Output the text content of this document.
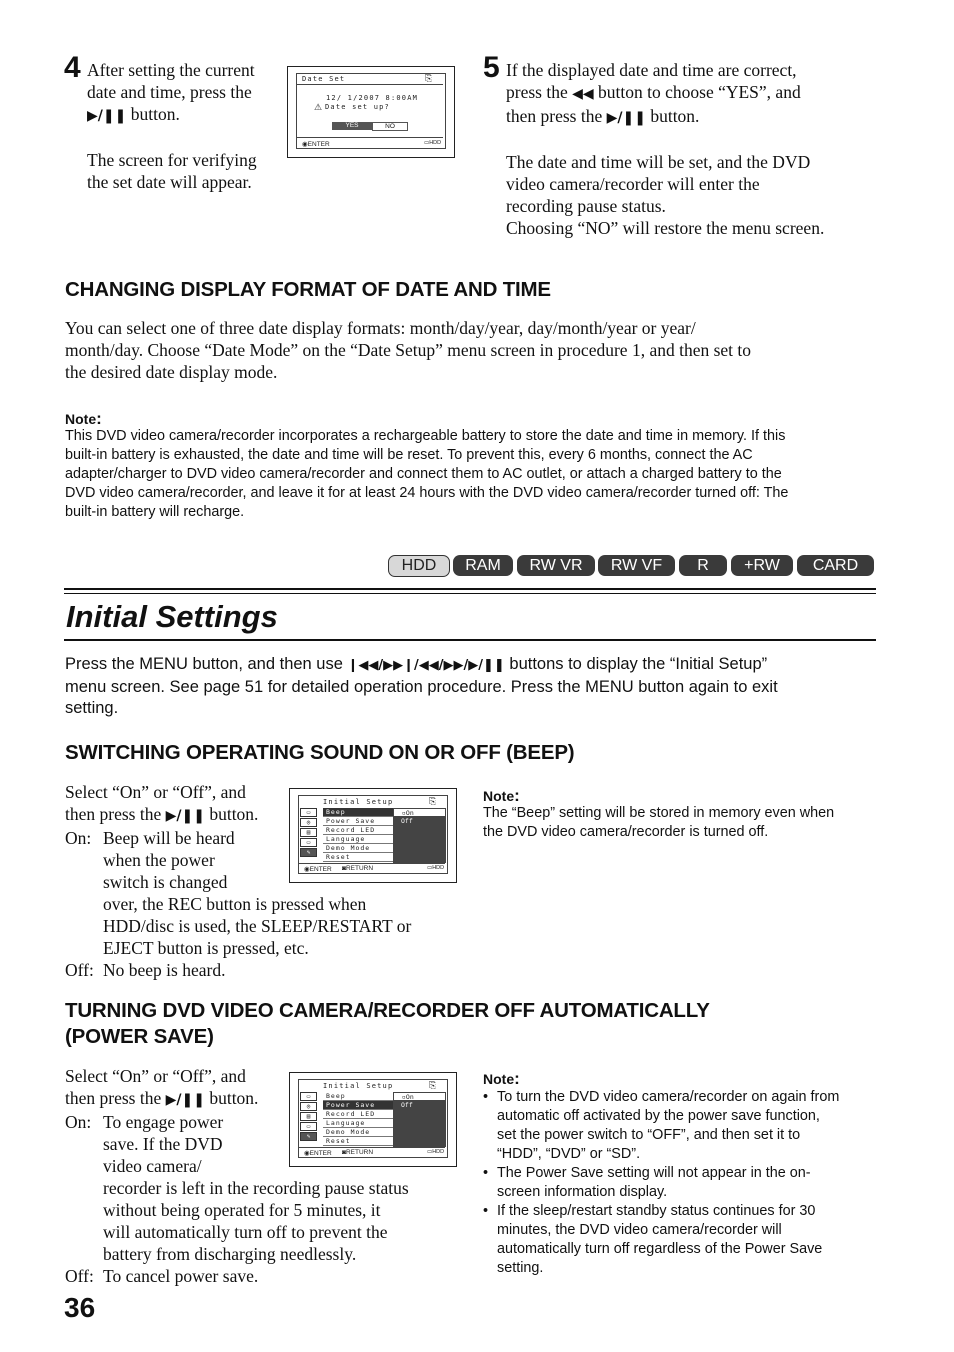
4 After setting the current
date and time, press the
▶/❚❚ button.
The screen for verifying
the set date will appear.
Date Set	⎘
12/ 1/2007 8:00AM
⚠ Date set up?
YES	NO
◉ENTER	▭HDD
5 If the displayed date and time are correct,
press the ◀◀ button to choose “YES”, and
then press the ▶/❚❚ button.
The date and time will be set, and the DVD
video camera/recorder will enter the
recording pause status.
Choosing “NO” will restore the menu screen.
CHANGING DISPLAY FORMAT OF DATE AND TIME
You can select one of three date display formats: month/day/year, day/month/year or year/
month/day. Choose “Date Mode” on the “Date Setup” menu screen in procedure 1, and then set to
the desired date display mode.
Note:
This DVD video camera/recorder incorporates a rechargeable battery to store the date and time in memory. If this
built-in battery is exhausted, the date and time will be reset. To prevent this, every 6 months, connect the AC
adapter/charger to DVD video camera/recorder and connect them to AC outlet, or attach a charged battery to the
DVD video camera/recorder, and leave it for at least 24 hours with the DVD video camera/recorder turned off: The
built-in battery will recharge.
HDD	RAM	RW VR	RW VF	R	+RW	CARD
Initial Settings
Press the MENU button, and then use ❙◀◀/▶▶❙/◀◀/▶▶/▶/❚❚ buttons to display the “Initial Setup”
menu screen. See page 51 for detailed operation procedure. Press the MENU button again to exit
setting.
SWITCHING OPERATING SOUND ON OR OFF (BEEP)
Select “On” or “Off”, and
then press the ▶/❚❚ button.
On: Beep will be heard
when the power
switch is changed
over, the REC button is pressed when
HDD/disc is used, the SLEEP/RESTART or
EJECT button is pressed, etc.
Off: No beep is heard.
Initial Setup	⎘
▭
◎
▤
▭
✎
Beep
Power Save
Record LED
Language
Demo Mode
Reset
▫On
Off
◉ENTER ◙RETURN	▭HDD
Note:
The “Beep” setting will be stored in memory even when
the DVD video camera/recorder is turned off.
TURNING DVD VIDEO CAMERA/RECORDER OFF AUTOMATICALLY
(POWER SAVE)
Select “On” or “Off”, and
then press the ▶/❚❚ button.
On: To engage power
save. If the DVD
video camera/
recorder is left in the recording pause status
without being operated for 5 minutes, it
will automatically turn off to prevent the
battery from discharging needlessly.
Off: To cancel power save.
Initial Setup	⎘
▭
◎
▤
▭
✎
Beep
Power Save
Record LED
Language
Demo Mode
Reset
▫On
Off
◉ENTER ◙RETURN	▭HDD
Note:
• To turn the DVD video camera/recorder on again from
automatic off activated by the power save function,
set the power switch to “OFF”, and then set it to
“HDD”, “DVD” or “SD”.
• The Power Save setting will not appear in the on-
screen information display.
• If the sleep/restart standby status continues for 30
minutes, the DVD video camera/recorder will
automatically turn off regardless of the Power Save
setting.
36
